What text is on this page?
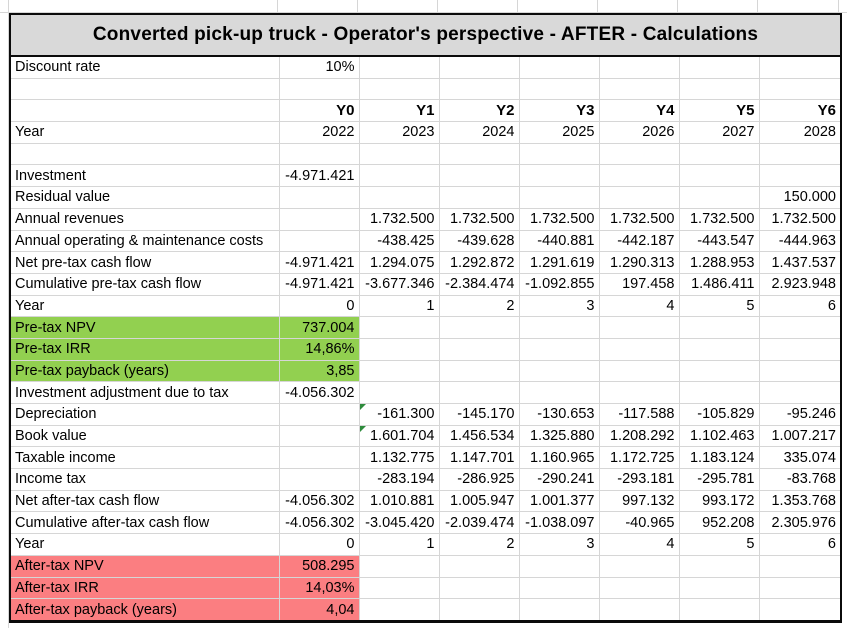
Converted pick-up truck - Operator's perspective - AFTER - Calculations
Discount rate	10%						

	Y0	Y1	Y2	Y3	Y4	Y5	Y6
Year	2022	2023	2024	2025	2026	2027	2028

Investment	-4.971.421						
Residual value							150.000
Annual revenues		1.732.500	1.732.500	1.732.500	1.732.500	1.732.500	1.732.500
Annual operating & maintenance costs		-438.425	-439.628	-440.881	-442.187	-443.547	-444.963
Net pre-tax cash flow	-4.971.421	1.294.075	1.292.872	1.291.619	1.290.313	1.288.953	1.437.537
Cumulative pre-tax cash flow	-4.971.421	-3.677.346	-2.384.474	-1.092.855	197.458	1.486.411	2.923.948
Year	0	1	2	3	4	5	6
Pre-tax NPV	737.004						
Pre-tax IRR	14,86%						
Pre-tax payback (years)	3,85						
Investment adjustment due to tax	-4.056.302						
Depreciation		-161.300	-145.170	-130.653	-117.588	-105.829	-95.246
Book value		1.601.704	1.456.534	1.325.880	1.208.292	1.102.463	1.007.217
Taxable income		1.132.775	1.147.701	1.160.965	1.172.725	1.183.124	335.074
Income tax		-283.194	-286.925	-290.241	-293.181	-295.781	-83.768
Net after-tax cash flow	-4.056.302	1.010.881	1.005.947	1.001.377	997.132	993.172	1.353.768
Cumulative after-tax cash flow	-4.056.302	-3.045.420	-2.039.474	-1.038.097	-40.965	952.208	2.305.976
Year	0	1	2	3	4	5	6
After-tax NPV	508.295						
After-tax IRR	14,03%						
After-tax payback (years)	4,04						
